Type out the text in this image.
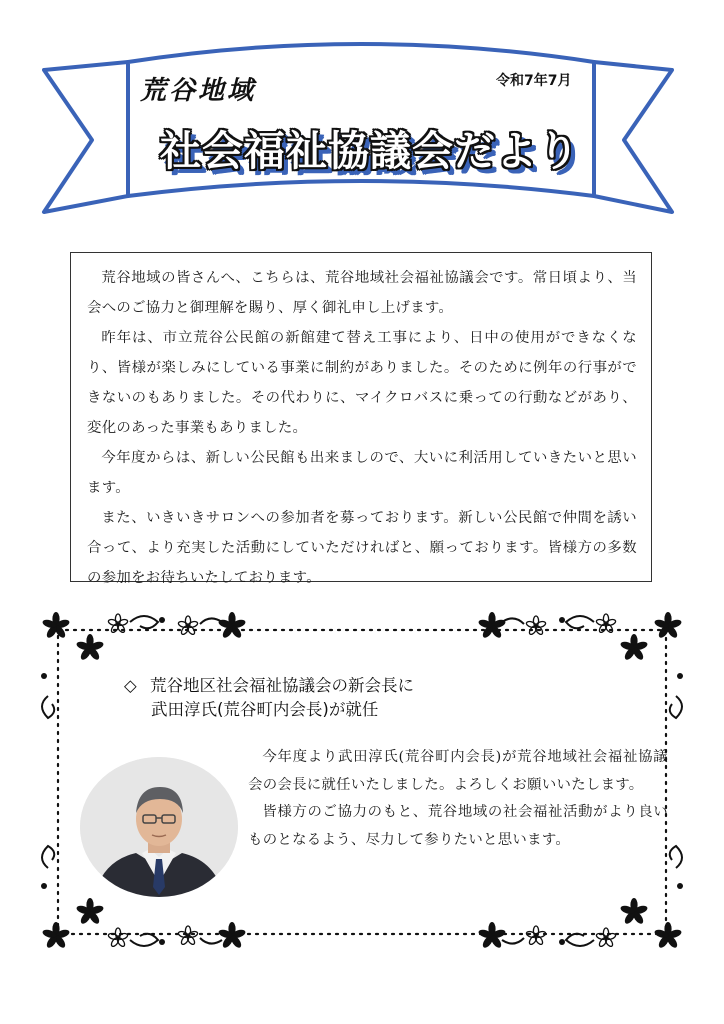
荒谷地域	令和7年7月
社会福祉協議会だより

荒谷地域の皆さんへ、こちらは、荒谷地域社会福祉協議会です。常日頃より、当会へのご協力と御理解を賜り、厚く御礼申し上げます。

昨年は、市立荒谷公民館の新館建て替え工事により、日中の使用ができなくなり、皆様が楽しみにしている事業に制約がありました。そのために例年の行事ができないのもありました。その代わりに、マイクロバスに乗っての行動などがあり、変化のあった事業もありました。

今年度からは、新しい公民館も出来ましので、大いに利活用していきたいと思います。

また、いきいきサロンへの参加者を募っております。新しい公民館で仲間を誘い合って、より充実した活動にしていただければと、願っております。皆様方の多数の参加をお待ちいたしております。

◇ 荒谷地区社会福祉協議会の新会長に
武田淳氏(荒谷町内会長)が就任

今年度より武田淳氏(荒谷町内会長)が荒谷地域社会福祉協議会の会長に就任いたしました。よろしくお願いいたします。

皆様方のご協力のもと、荒谷地域の社会福祉活動がより良いものとなるよう、尽力して参りたいと思います。
